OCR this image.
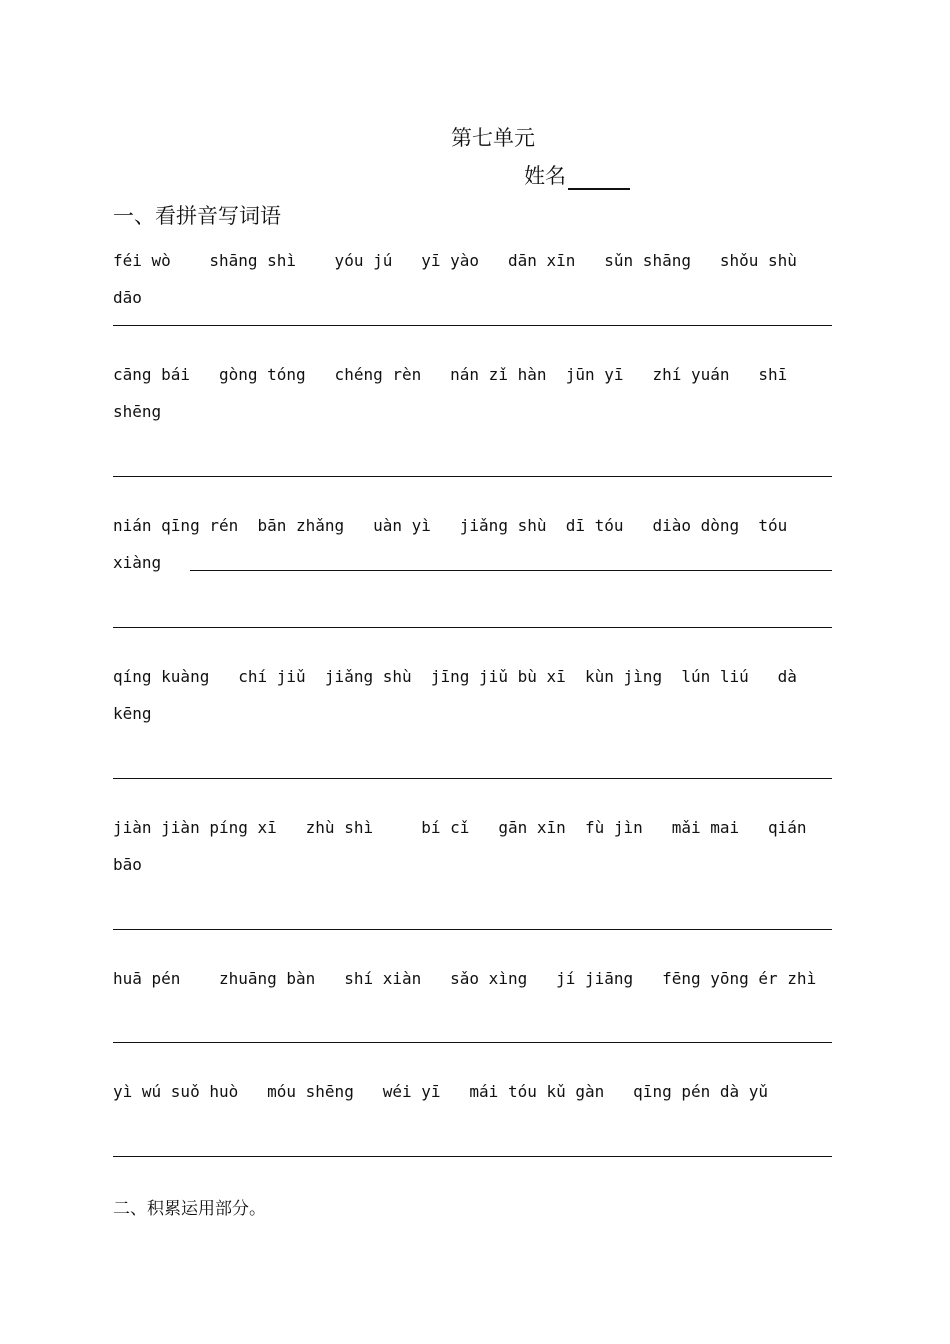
第七单元
姓名
一、看拼音写词语
féi wò    shāng shì    yóu jú   yī yào   dān xīn   sǔn shāng   shǒu shù dāo
cāng bái   gòng tóng   chéng rèn   nán zǐ hàn  jūn yī   zhí yuán   shī
shēng
nián qīng rén  bān zhǎng   uàn yì   jiǎng shù  dī tóu   diào dòng  tóu
xiàng
qíng kuàng   chí jiǔ  jiǎng shù  jīng jiǔ bù xī  kùn jìng  lún liú   dà
kēng
jiàn jiàn píng xī   zhù shì     bí cǐ   gān xīn  fù jìn   mǎi mai   qián
bāo
huā pén    zhuāng bàn   shí xiàn   sǎo xìng   jí jiāng   fēng yōng ér zhì
yì wú suǒ huò   móu shēng   wéi yī   mái tóu kǔ gàn   qīng pén dà yǔ
二、积累运用部分。
